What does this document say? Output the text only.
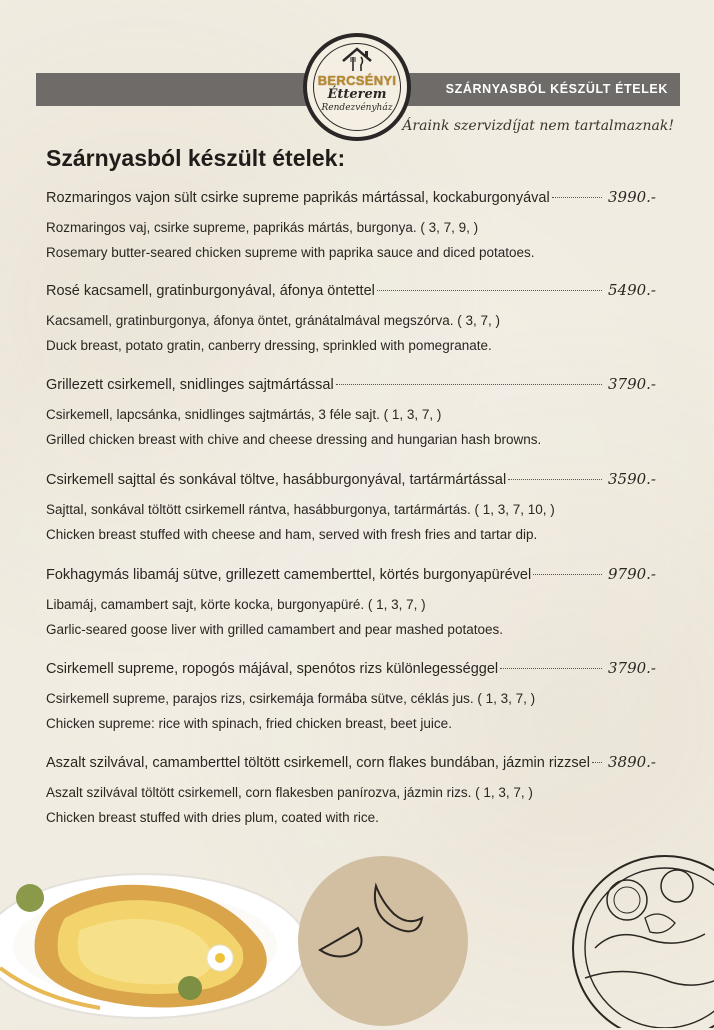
SZÁRNYASBÓL KÉSZÜLT ÉTELEK
BERCSÉNYI
Étterem
Rendezvényház
Áraink szervizdíjat nem tartalmaznak!
Szárnyasból készült ételek:
Rozmaringos vajon sült csirke supreme paprikás mártással, kockaburgonyával	3990.-
Rozmaringos vaj, csirke supreme, paprikás mártás, burgonya. ( 3, 7, 9, )
Rosemary butter-seared chicken supreme with paprika sauce and diced potatoes.
Rosé kacsamell, gratinburgonyával, áfonya öntettel	5490.-
Kacsamell, gratinburgonya, áfonya öntet, gránátalmával megszórva. ( 3, 7, )
Duck breast, potato gratin, canberry dressing, sprinkled with pomegranate.
Grillezett csirkemell, snidlinges sajtmártással	3790.-
Csirkemell, lapcsánka, snidlinges sajtmártás, 3 féle sajt. ( 1, 3, 7, )
Grilled chicken breast with chive and cheese dressing and hungarian hash browns.
Csirkemell sajttal és sonkával töltve, hasábburgonyával, tartármártással	3590.-
Sajttal, sonkával töltött csirkemell rántva, hasábburgonya, tartármártás. ( 1, 3, 7, 10, )
Chicken breast stuffed with cheese and ham, served with fresh fries and tartar dip.
Fokhagymás libamáj sütve, grillezett camemberttel, körtés burgonyapürével	9790.-
Libamáj, camambert sajt, körte kocka, burgonyapüré. ( 1, 3, 7, )
Garlic-seared goose liver with grilled camambert and pear mashed potatoes.
Csirkemell supreme, ropogós májával, spenótos rizs különlegességgel	3790.-
Csirkemell supreme, parajos rizs, csirkemája formába sütve, céklás jus. ( 1, 3, 7, )
Chicken supreme: rice with spinach, fried chicken breast, beet juice.
Aszalt szilvával, camamberttel töltött csirkemell, corn flakes bundában, jázmin rizzsel 3890.-
Aszalt szilvával töltött csirkemell, corn flakesben panírozva, jázmin rizs. ( 1, 3, 7, )
Chicken breast stuffed with dries plum, coated with rice.
